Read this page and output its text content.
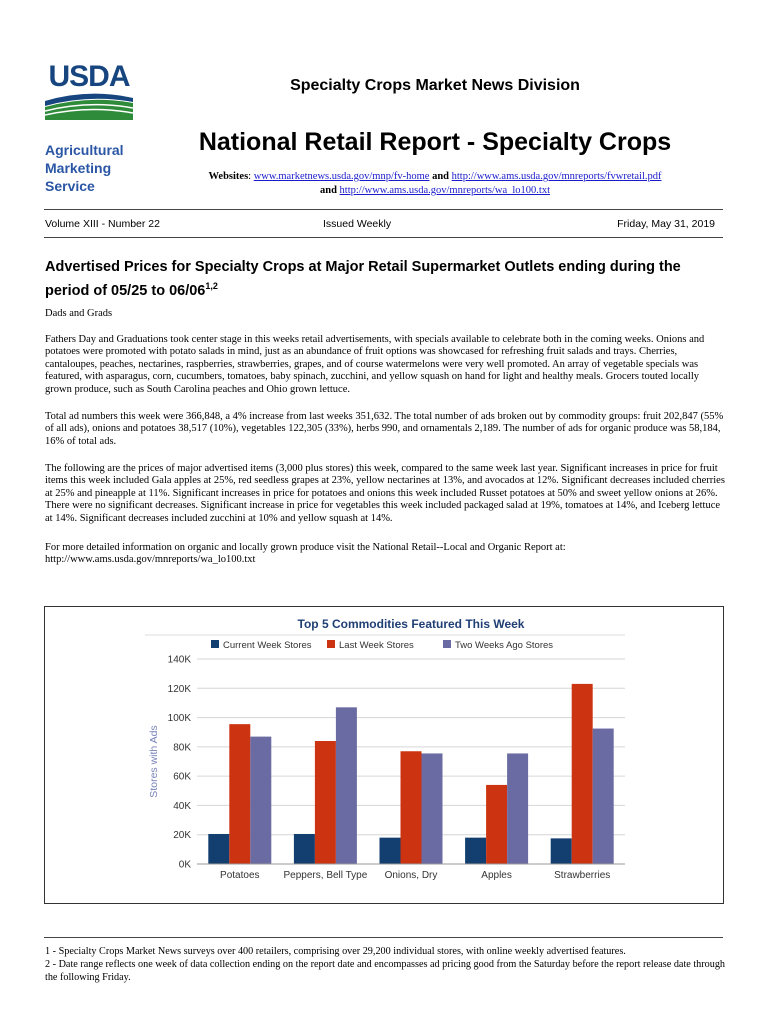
USDA	Specialty Crops Market News Division
Agricultural Marketing Service
National Retail Report - Specialty Crops
Websites: www.marketnews.usda.gov/mnp/fv-home and http://www.ams.usda.gov/mnreports/fvwretail.pdf
and http://www.ams.usda.gov/mnreports/wa_lo100.txt
Volume XIII - Number 22	Issued Weekly	Friday, May 31, 2019
Advertised Prices for Specialty Crops at Major Retail Supermarket Outlets ending during the period of 05/25 to 06/06$^{1,2}$
Dads and Grads
Fathers Day and Graduations took center stage in this weeks retail advertisements, with specials available to celebrate both in the coming weeks. Onions and potatoes were promoted with potato salads in mind, just as an abundance of fruit options was showcased for refreshing fruit salads and trays. Cherries, cantaloupes, peaches, nectarines, raspberries, strawberries, grapes, and of course watermelons were very well promoted. An array of vegetable specials was featured, with asparagus, corn, cucumbers, tomatoes, baby spinach, zucchini, and yellow squash on hand for light and healthy meals. Grocers touted locally grown produce, such as South Carolina peaches and Ohio grown lettuce.
Total ad numbers this week were 366,848, a 4% increase from last weeks 351,632. The total number of ads broken out by commodity groups: fruit 202,847 (55% of all ads), onions and potatoes 38,517 (10%), vegetables 122,305 (33%), herbs 990, and ornamentals 2,189. The number of ads for organic produce was 58,184, 16% of total ads.
The following are the prices of major advertised items (3,000 plus stores) this week, compared to the same week last year. Significant increases in price for fruit items this week included Gala apples at 25%, red seedless grapes at 23%, yellow nectarines at 13%, and avocados at 12%. Significant decreases included cherries at 25% and pineapple at 11%. Significant increases in price for potatoes and onions this week included Russet potatoes at 50% and sweet yellow onions at 26%. There were no significant decreases. Significant increase in price for vegetables this week included packaged salad at 19%, tomatoes at 14%, and Iceberg lettuce at 14%. Significant decreases included zucchini at 10% and yellow squash at 14%.
For more detailed information on organic and locally grown produce visit the National Retail--Local and Organic Report at: http://www.ams.usda.gov/mnreports/wa_lo100.txt
Top 5 Commodities Featured This Week
Current Week Stores	Last Week Stores	Two Weeks Ago Stores
0K
20K
40K
60K
80K
100K
120K
140K
Stores with Ads
Potatoes Peppers, Bell Type Onions, Dry	Apples	Strawberries
1 - Specialty Crops Market News surveys over 400 retailers, comprising over 29,200 individual stores, with online weekly advertised features.
2 - Date range reflects one week of data collection ending on the report date and encompasses ad pricing good from the Saturday before the report release date through the following Friday.
